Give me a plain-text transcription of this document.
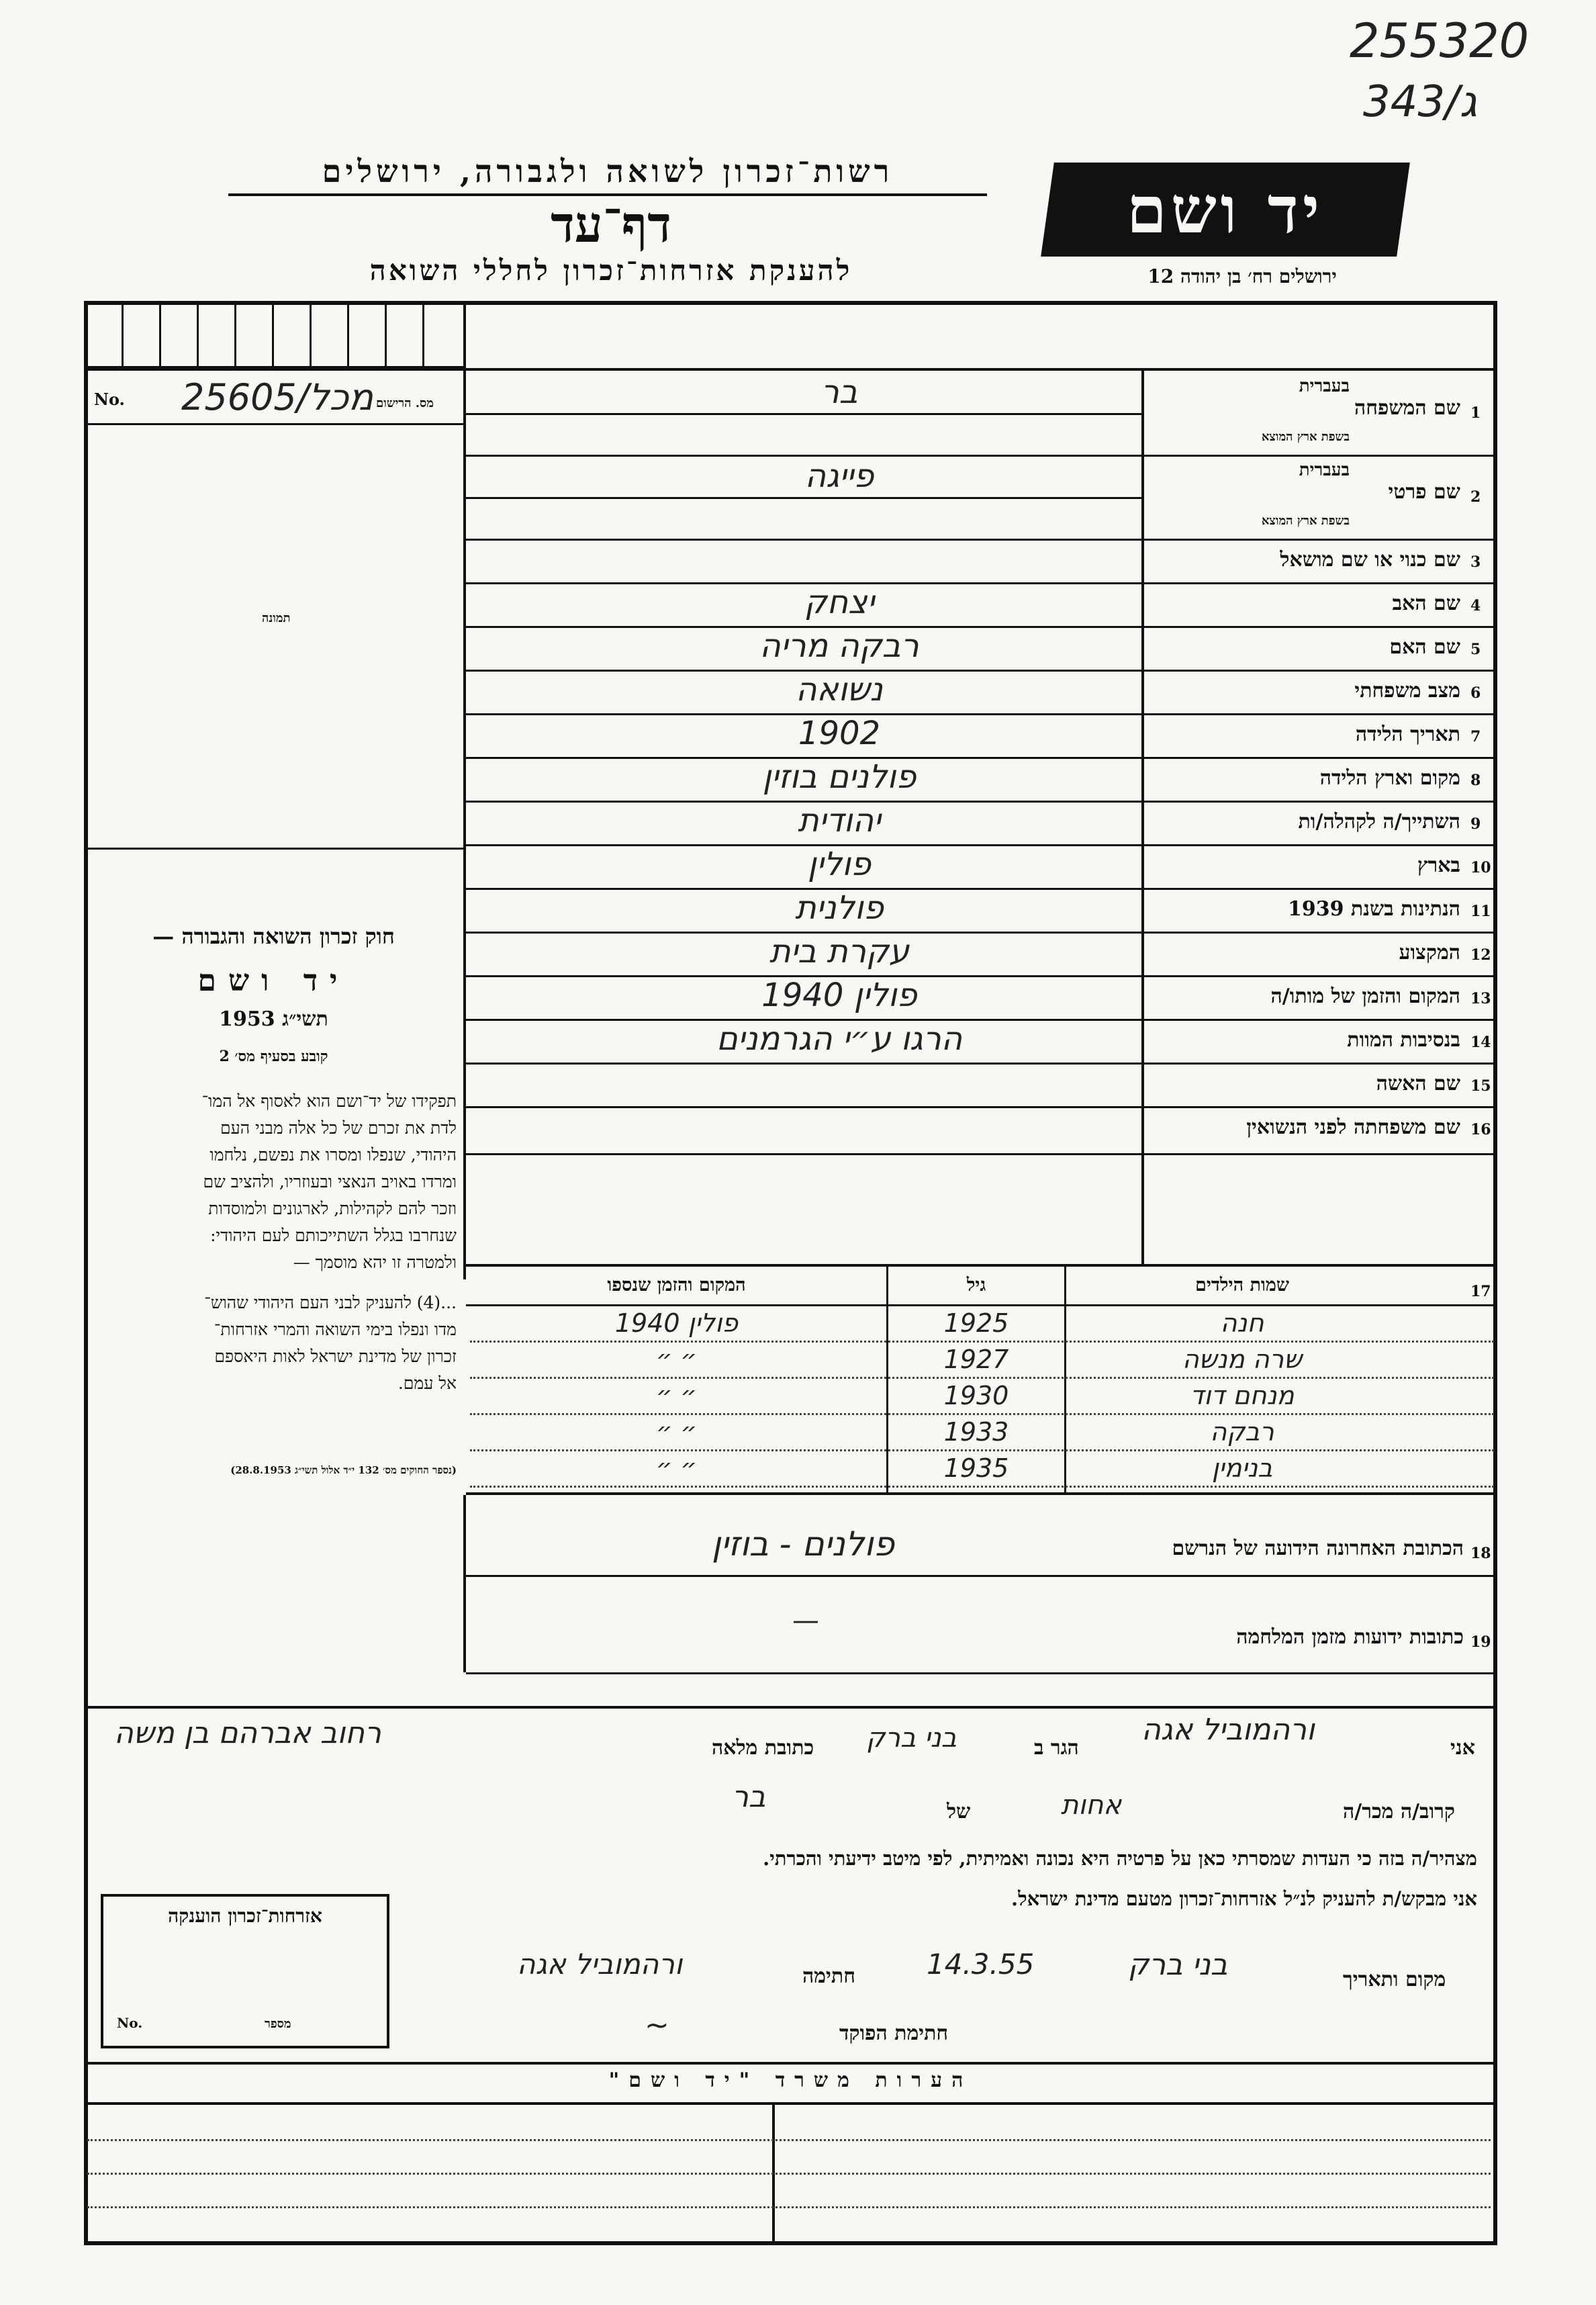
255320
343/ג
רשות־זכרון לשואה ולגבורה, ירושלים
דף־עד
להענקת אזרחות־זכרון לחללי השואה
יד ושם
ירושלים רח׳ בן יהודה 12
No. 25605/מכל מס. הרישום
תמונה
חוק זכרון השואה והגבורה —
יד ושם
תשי״ג 1953
קובע בסעיף מס׳ 2
תפקידו של יד־ושם הוא לאסוף אל המו־
לדת את זכרם של כל אלה מבני העם
היהודי, שנפלו ומסרו את נפשם, נלחמו
ומרדו באויב הנאצי ובעוזריו, ולהציב שם
וזכר להם לקהילות, לארגונים ולמוסדות
שנחרבו בגלל השתייכותם לעם היהודי:
ולמטרה זו יהא מוסמך —
...(4) להעניק לבני העם היהודי שהוש־
מדו ונפלו בימי השואה והמרי אזרחות־
זכרון של מדינת ישראל לאות היאספם
אל עמם.
(נספר החוקים מס׳ 132 י״ד אלול תשי״ג 28.8.1953)
1
שם המשפחה
בעברית
בשפת ארץ המוצא
בר
2
שם פרטי
בעברית
בשפת ארץ המוצא
פייגה
3
שם כנוי או שם מושאל
4
שם האב
יצחק
5
שם האם
רבקה מריה
6
מצב משפחתי
נשואה
7
תאריך הלידה
1902
8
מקום וארץ הלידה
פולנים בוזין
9
השתייך/ה לקהלה/ות
יהודית
10
בארץ
פולין
11
הנתינות בשנת 1939
פולנית
12
המקצוע
עקרת בית
13
המקום והזמן של מותו/ה
פולין 1940
14
בנסיבות המוות
הרגו ע״י הגרמנים
15
שם האשה
16
שם משפחתה לפני הנשואין
17
שמות הילדים
גיל
המקום והזמן שנספו
חנה
1925
פולין 1940
שרה מנשה
1927
״ ״
מנחם דוד
1930
״ ״
רבקה
1933
״ ״
בנימין
1935
״ ״
18
הכתובת האחרונה הידועה של הנרשם
פולנים - בוזין
19
כתובות ידועות מזמן המלחמה
—
אני
ורהמוביל אגה
הגר ב
בני ברק
כתובת מלאה
רחוב אברהם בן משה
קרוב/ה מכר/ה
אחות
של
בר
מצהיר/ה בזה כי העדות שמסרתי כאן על פרטיה היא נכונה ואמיתית, לפי מיטב ידיעתי והכרתי.
אני מבקש/ת להעניק לנ״ל אזרחות־זכרון מטעם מדינת ישראל.
מקום ותאריך
בני ברק
14.3.55
חתימה
ורהמוביל אגה
חתימת הפוקד
~
אזרחות־זכרון הוענקה
No.	מספר
הערות משרד "יד ושם"
